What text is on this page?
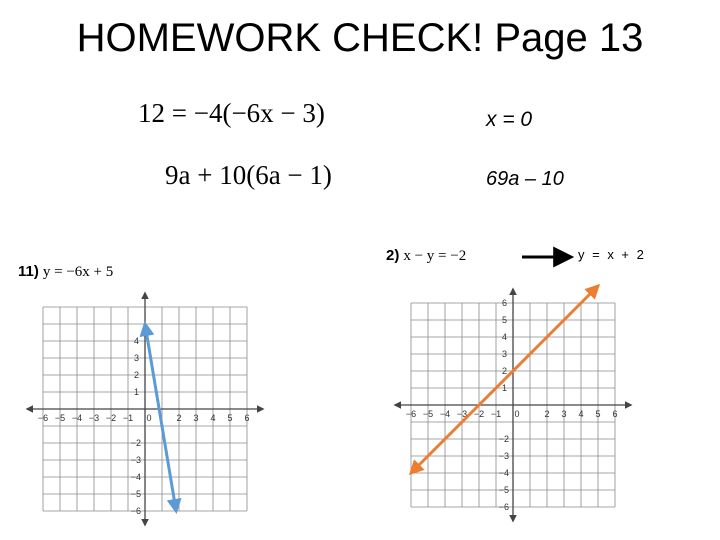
HOMEWORK CHECK! Page 13
12 = −4(−6x − 3)	x = 0
9a + 10(6a − 1)	69a – 10
11) y = −6x + 5
2) x − y = −2	y = x + 2
−6 −5 −4 −3 −2 −1 0	2 3 4 5 6
4
3
2
1
−2
−3
−4
−5
−6
−6 −5 −4 −3 −2 −1 0	2 3 4 5 6
6
5
4
3
2
1
−2
−3
−4
−5
−6
